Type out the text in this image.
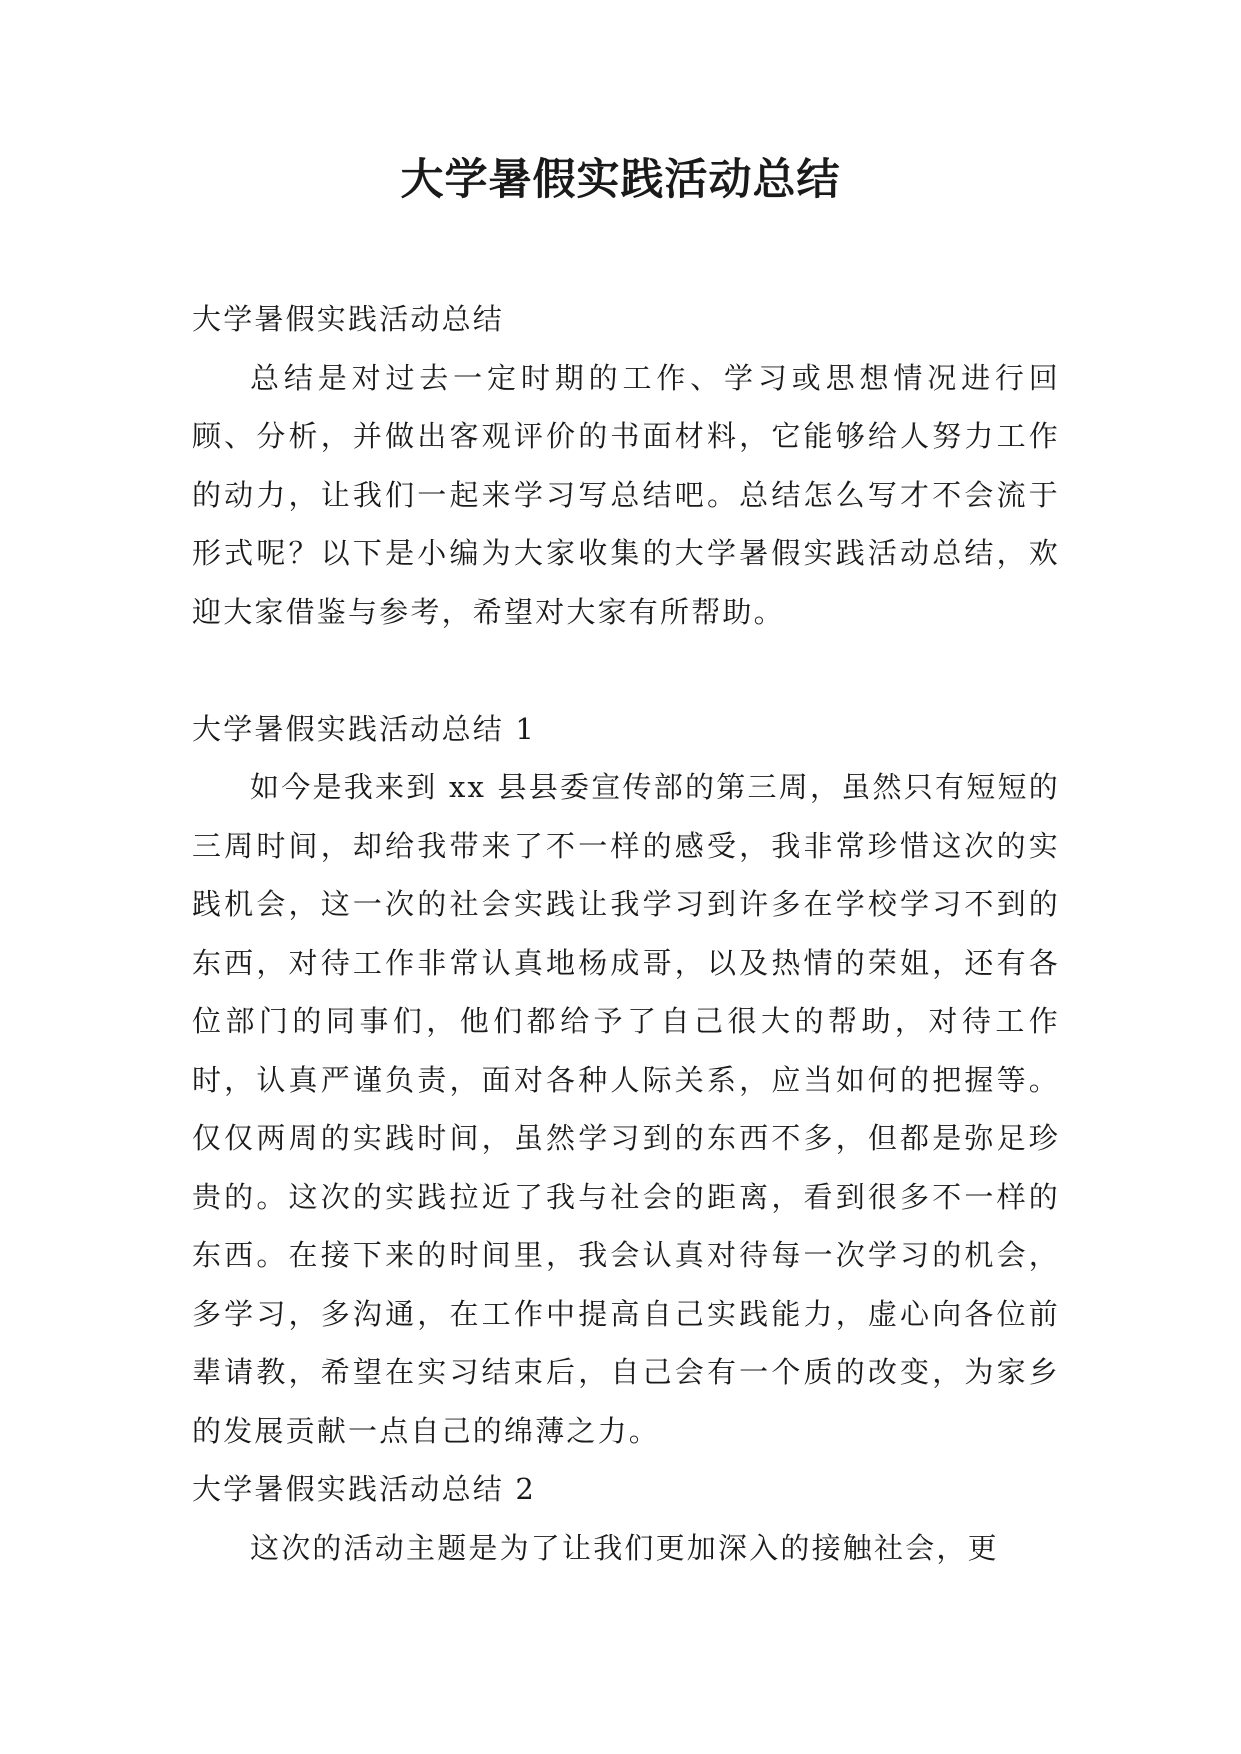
大学暑假实践活动总结

大学暑假实践活动总结

总结是对过去一定时期的工作、学习或思想情况进行回顾、分析，并做出客观评价的书面材料，它能够给人努力工作的动力，让我们一起来学习写总结吧。总结怎么写才不会流于形式呢？以下是小编为大家收集的大学暑假实践活动总结，欢迎大家借鉴与参考，希望对大家有所帮助。

大学暑假实践活动总结 1

如今是我来到 xx 县县委宣传部的第三周，虽然只有短短的三周时间，却给我带来了不一样的感受，我非常珍惜这次的实践机会，这一次的社会实践让我学习到许多在学校学习不到的东西，对待工作非常认真地杨成哥，以及热情的荣姐，还有各位部门的同事们，他们都给予了自己很大的帮助，对待工作时，认真严谨负责，面对各种人际关系，应当如何的把握等。仅仅两周的实践时间，虽然学习到的东西不多，但都是弥足珍贵的。这次的实践拉近了我与社会的距离，看到很多不一样的东西。在接下来的时间里，我会认真对待每一次学习的机会，多学习，多沟通，在工作中提高自己实践能力，虚心向各位前辈请教，希望在实习结束后，自己会有一个质的改变，为家乡的发展贡献一点自己的绵薄之力。

大学暑假实践活动总结 2

这次的活动主题是为了让我们更加深入的接触社会，更
